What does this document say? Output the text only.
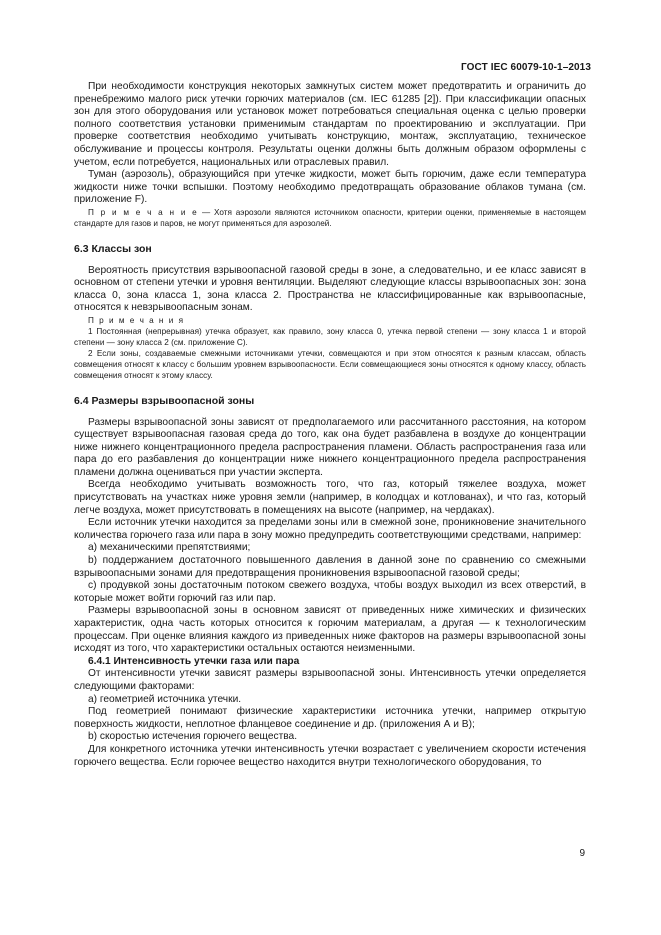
ГОСТ IEC 60079-10-1–2013

При необходимости конструкция некоторых замкнутых систем может предотвратить и ограничить до пренебрежимо малого риск утечки горючих материалов (см. IEC 61285 [2]). При классификации опасных зон для этого оборудования или установок может потребоваться специальная оценка с целью проверки полного соответствия установки применимым стандартам по проектированию и эксплуатации. При проверке соответствия необходимо учитывать конструкцию, монтаж, эксплуатацию, техническое обслуживание и процессы контроля. Результаты оценки должны быть должным образом оформлены с учетом, если потребуется, национальных или отраслевых правил.

Туман (аэрозоль), образующийся при утечке жидкости, может быть горючим, даже если температура жидкости ниже точки вспышки. Поэтому необходимо предотвращать образование облаков тумана (см. приложение F).

П р и м е ч а н и е — Хотя аэрозоли являются источником опасности, критерии оценки, применяемые в настоящем стандарте для газов и паров, не могут применяться для аэрозолей.

6.3 Классы зон

Вероятность присутствия взрывоопасной газовой среды в зоне, а следовательно, и ее класс зависят в основном от степени утечки и уровня вентиляции. Выделяют следующие классы взрывоопасных зон: зона класса 0, зона класса 1, зона класса 2. Пространства не классифицированные как взрывоопасные, относятся к невзрывоопасным зонам.

П р и м е ч а н и я

1 Постоянная (непрерывная) утечка образует, как правило, зону класса 0, утечка первой степени — зону класса 1 и второй степени — зону класса 2 (см. приложение С).

2 Если зоны, создаваемые смежными источниками утечки, совмещаются и при этом относятся к разным классам, область совмещения относят к классу с большим уровнем взрывоопасности. Если совмещающиеся зоны относятся к одному классу, область совмещения относят к этому классу.

6.4 Размеры взрывоопасной зоны

Размеры взрывоопасной зоны зависят от предполагаемого или рассчитанного расстояния, на котором существует взрывоопасная газовая среда до того, как она будет разбавлена в воздухе до концентрации ниже нижнего концентрационного предела распространения пламени. Область распространения газа или пара до его разбавления до концентрации ниже нижнего концентрационного предела распространения пламени должна оцениваться при участии эксперта.

Всегда необходимо учитывать возможность того, что газ, который тяжелее воздуха, может присутствовать на участках ниже уровня земли (например, в колодцах и котлованах), и что газ, который легче воздуха, может присутствовать в помещениях на высоте (например, на чердаках).

Если источник утечки находится за пределами зоны или в смежной зоне, проникновение значительного количества горючего газа или пара в зону можно предупредить соответствующими средствами, например:

а) механическими препятствиями;

b) поддержанием достаточного повышенного давления в данной зоне по сравнению со смежными взрывоопасными зонами для предотвращения проникновения взрывоопасной газовой среды;

с) продувкой зоны достаточным потоком свежего воздуха, чтобы воздух выходил из всех отверстий, в которые может войти горючий газ или пар.

Размеры взрывоопасной зоны в основном зависят от приведенных ниже химических и физических характеристик, одна часть которых относится к горючим материалам, а другая — к технологическим процессам. При оценке влияния каждого из приведенных ниже факторов на размеры взрывоопасной зоны исходят из того, что характеристики остальных остаются неизменными.

6.4.1 Интенсивность утечки газа или пара

От интенсивности утечки зависят размеры взрывоопасной зоны. Интенсивность утечки определяется следующими факторами:

а) геометрией источника утечки.

Под геометрией понимают физические характеристики источника утечки, например открытую поверхность жидкости, неплотное фланцевое соединение и др. (приложения А и В);

b) скоростью истечения горючего вещества.

Для конкретного источника утечки интенсивность утечки возрастает с увеличением скорости истечения горючего вещества. Если горючее вещество находится внутри технологического оборудования, то

9
